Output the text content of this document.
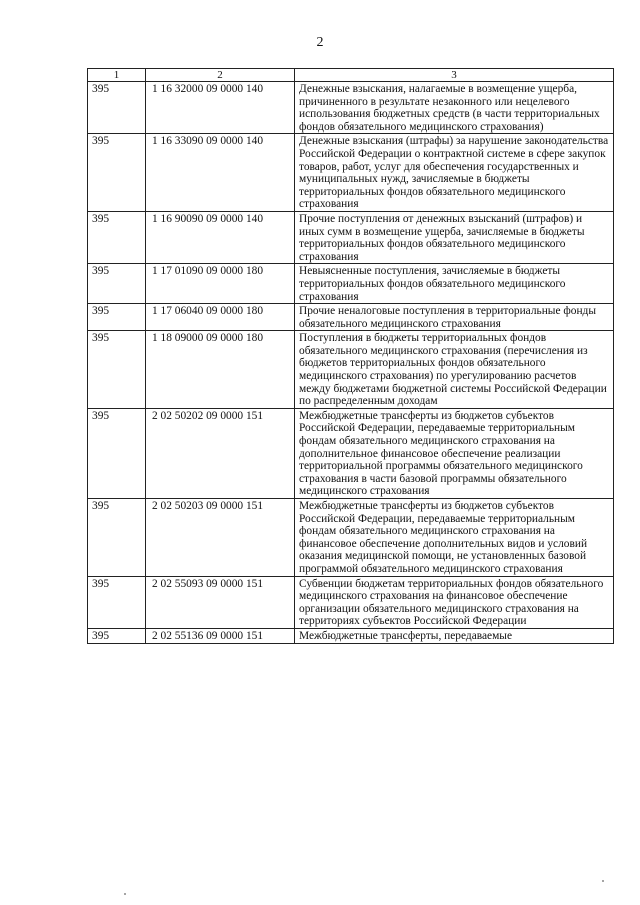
2
1	2	3
395	1 16 32000 09 0000 140	Денежные взыскания, налагаемые в возмещение ущерба, причиненного в результате незаконного или нецелевого использования бюджетных средств (в части территориальных фондов обязательного медицинского страхования)
395	1 16 33090 09 0000 140	Денежные взыскания (штрафы) за нарушение законодательства Российской Федерации о контрактной системе в сфере закупок товаров, работ, услуг для обеспечения государственных и муниципальных нужд, зачисляемые в бюджеты территориальных фондов обязательного медицинского страхования
395	1 16 90090 09 0000 140	Прочие поступления от денежных взысканий (штрафов) и иных сумм в возмещение ущерба, зачисляемые в бюджеты территориальных фондов обязательного медицинского страхования
395	1 17 01090 09 0000 180	Невыясненные поступления, зачисляемые в бюджеты территориальных фондов обязательного медицинского страхования
395	1 17 06040 09 0000 180	Прочие неналоговые поступления в территориальные фонды обязательного медицинского страхования
395	1 18 09000 09 0000 180	Поступления в бюджеты территориальных фондов обязательного медицинского страхования (перечисления из бюджетов территориальных фондов обязательного медицинского страхования) по урегулированию расчетов между бюджетами бюджетной системы Российской Федерации по распределенным доходам
395	2 02 50202 09 0000 151	Межбюджетные трансферты из бюджетов субъектов Российской Федерации, передаваемые территориальным фондам обязательного медицинского страхования на дополнительное финансовое обеспечение реализации территориальной программы обязательного медицинского страхования в части базовой программы обязательного медицинского страхования
395	2 02 50203 09 0000 151	Межбюджетные трансферты из бюджетов субъектов Российской Федерации, передаваемые территориальным фондам обязательного медицинского страхования на финансовое обеспечение дополнительных видов и условий оказания медицинской помощи, не установленных базовой программой обязательного медицинского страхования
395	2 02 55093 09 0000 151	Субвенции бюджетам территориальных фондов обязательного медицинского страхования на финансовое обеспечение организации обязательного медицинского страхования на территориях субъектов Российской Федерации
395	2 02 55136 09 0000 151	Межбюджетные трансферты, передаваемые
